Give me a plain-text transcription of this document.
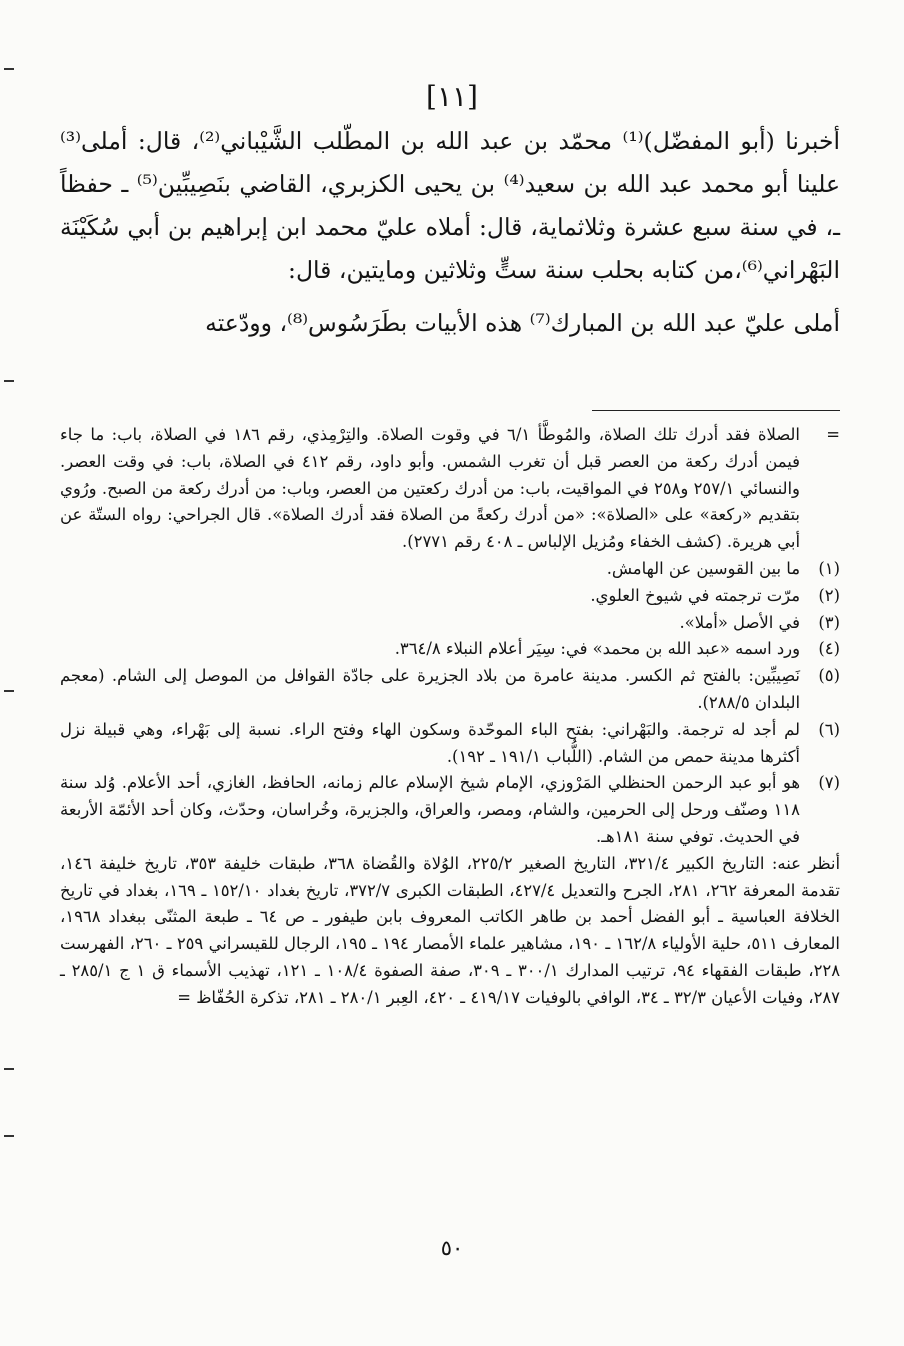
[١١]

أخبرنا (أبو المفضّل)⁽¹⁾ محمّد بن عبد الله بن المطّلب الشَّيْباني⁽²⁾، قال: أملى⁽³⁾ علينا أبو محمد عبد الله بن سعيد⁽⁴⁾ بن يحيى الكزبري، القاضي بنَصِيبِّين⁽⁵⁾ ـ حفظاً ـ، في سنة سبع عشرة وثلاثماية، قال: أملاه عليّ محمد ابن إبراهيم بن أبي سُكَيْنَة البَهْراني⁽⁶⁾،من كتابه بحلب سنة ستٍّ وثلاثين ومايتين، قال:

أملى عليّ عبد الله بن المبارك⁽⁷⁾ هذه الأبيات بطَرَسُوس⁽⁸⁾، وودّعته

=
الصلاة فقد أدرك تلك الصلاة، والمُوطَّأ ٦/١ في وقوت الصلاة. والتِرْمِذي، رقم ١٨٦ في الصلاة، باب: ما جاء فيمن أدرك ركعة من العصر قبل أن تغرب الشمس. وأبو داود، رقم ٤١٢ في الصلاة، باب: في وقت العصر. والنسائي ٢٥٧/١ و٢٥٨ في المواقيت، باب: من أدرك ركعتين من العصر، وباب: من أدرك ركعة من الصبح. ورُوي بتقديم «ركعة» على «الصلاة»: «من أدرك ركعةً من الصلاة فقد أدرك الصلاة». قال الجراحي: رواه الستّة عن أبي هريرة. (كشف الخفاء ومُزيل الإلباس ـ ٤٠٨ رقم ٢٧٧١).
(١)
ما بين القوسين عن الهامش.
(٢)
مرّت ترجمته في شيوخ العلوي.
(٣)
في الأصل «أملا».
(٤)
ورد اسمه «عبد الله بن محمد» في: سِيَر أعلام النبلاء ٣٦٤/٨.
(٥)
نَصِيبِّين: بالفتح ثم الكسر. مدينة عامرة من بلاد الجزيرة على جادّة القوافل من الموصل إلى الشام. (معجم البلدان ٢٨٨/٥).
(٦)
لم أجد له ترجمة. والبَهْراني: بفتح الباء الموحّدة وسكون الهاء وفتح الراء. نسبة إلى بَهْراء، وهي قبيلة نزل أكثرها مدينة حمص من الشام. (اللُّباب ١٩١/١ ـ ١٩٢).
(٧)
هو أبو عبد الرحمن الحنظلي المَرْوزي، الإمام شيخ الإسلام عالم زمانه، الحافظ، الغازي، أحد الأعلام. وُلد سنة ١١٨ وصنّف ورحل إلى الحرمين، والشام، ومصر، والعراق، والجزيرة، وخُراسان، وحدّث، وكان أحد الأئمّة الأربعة في الحديث. توفي سنة ١٨١هـ.

أنظر عنه: التاريخ الكبير ٣٢١/٤، التاريخ الصغير ٢٢٥/٢، الوُلاة والقُضاة ٣٦٨، طبقات خليفة ٣٥٣، تاريخ خليفة ١٤٦، تقدمة المعرفة ٢٦٢، ٢٨١، الجرح والتعديل ٤٢٧/٤، الطبقات الكبرى ٣٧٢/٧، تاريخ بغداد ١٥٢/١٠ ـ ١٦٩، بغداد في تاريخ الخلافة العباسية ـ أبو الفضل أحمد بن طاهر الكاتب المعروف بابن طيفور ـ ص ٦٤ ـ طبعة المثنّى ببغداد ١٩٦٨، المعارف ٥١١، حلية الأولياء ١٦٢/٨ ـ ١٩٠، مشاهير علماء الأمصار ١٩٤ ـ ١٩٥، الرجال للقيسراني ٢٥٩ ـ ٢٦٠، الفهرست ٢٢٨، طبقات الفقهاء ٩٤، ترتيب المدارك ٣٠٠/١ ـ ٣٠٩، صفة الصفوة ١٠٨/٤ ـ ١٢١، تهذيب الأسماء ق ١ ج ٢٨٥/١ ـ ٢٨٧، وفيات الأعيان ٣٢/٣ ـ ٣٤، الوافي بالوفيات ٤١٩/١٧ ـ ٤٢٠، العِبر ٢٨٠/١ ـ ٢٨١، تذكرة الحُفّاظ =

٥٠
